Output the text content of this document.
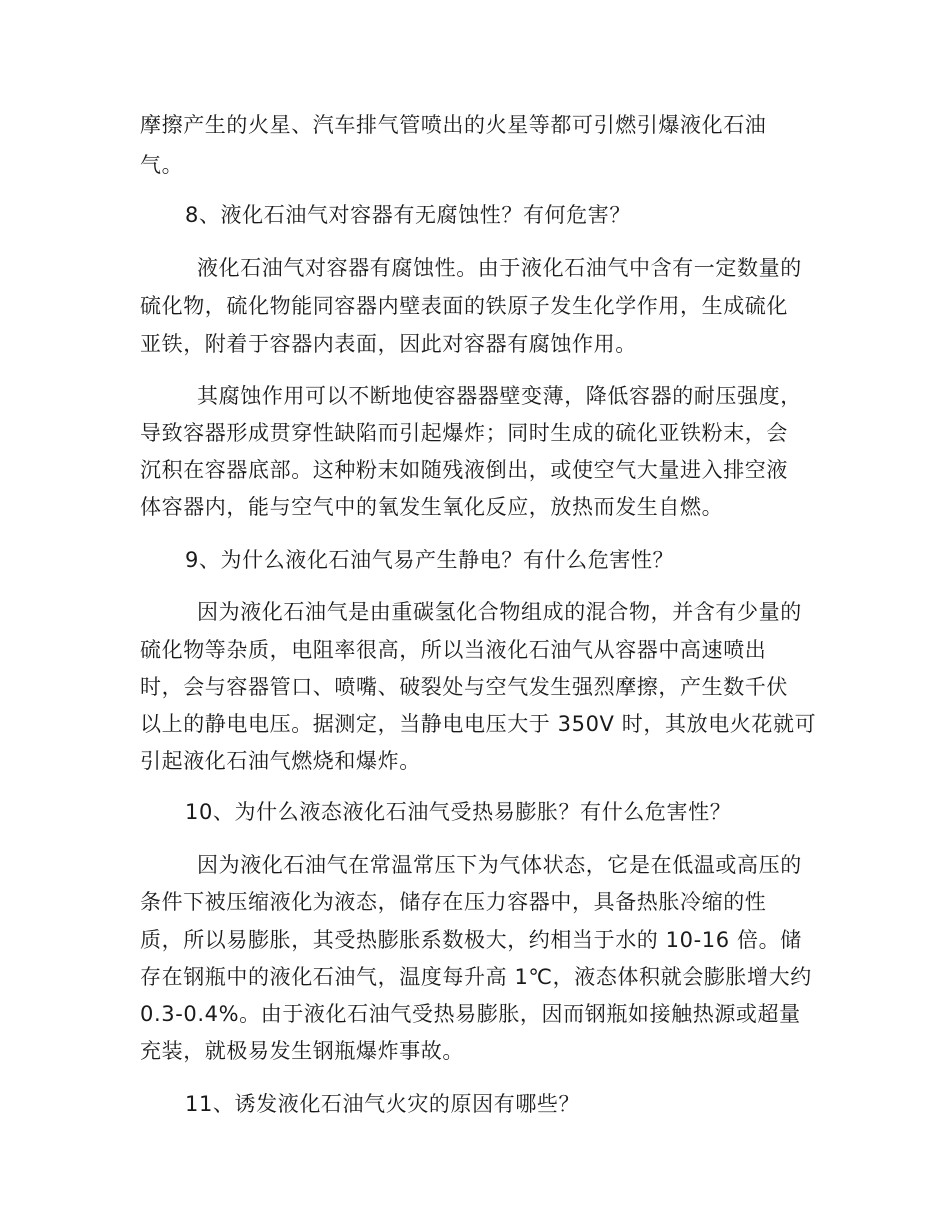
摩擦产生的火星、汽车排气管喷出的火星等都可引燃引爆液化石油

气。

8、液化石油气对容器有无腐蚀性？有何危害？

液化石油气对容器有腐蚀性。由于液化石油气中含有一定数量的

硫化物，硫化物能同容器内壁表面的铁原子发生化学作用，生成硫化

亚铁，附着于容器内表面，因此对容器有腐蚀作用。

其腐蚀作用可以不断地使容器器壁变薄，降低容器的耐压强度，

导致容器形成贯穿性缺陷而引起爆炸；同时生成的硫化亚铁粉末，会

沉积在容器底部。这种粉末如随残液倒出，或使空气大量进入排空液

体容器内，能与空气中的氧发生氧化反应，放热而发生自燃。

9、为什么液化石油气易产生静电？有什么危害性？

因为液化石油气是由重碳氢化合物组成的混合物，并含有少量的

硫化物等杂质，电阻率很高，所以当液化石油气从容器中高速喷出

时，会与容器管口、喷嘴、破裂处与空气发生强烈摩擦，产生数千伏

以上的静电电压。据测定，当静电电压大于 350V 时，其放电火花就可

引起液化石油气燃烧和爆炸。

10、为什么液态液化石油气受热易膨胀？有什么危害性？

因为液化石油气在常温常压下为气体状态，它是在低温或高压的

条件下被压缩液化为液态，储存在压力容器中，具备热胀冷缩的性

质，所以易膨胀，其受热膨胀系数极大，约相当于水的 10-16 倍。储

存在钢瓶中的液化石油气，温度每升高 1℃，液态体积就会膨胀增大约

0.3-0.4%。由于液化石油气受热易膨胀，因而钢瓶如接触热源或超量

充装，就极易发生钢瓶爆炸事故。

11、诱发液化石油气火灾的原因有哪些？
